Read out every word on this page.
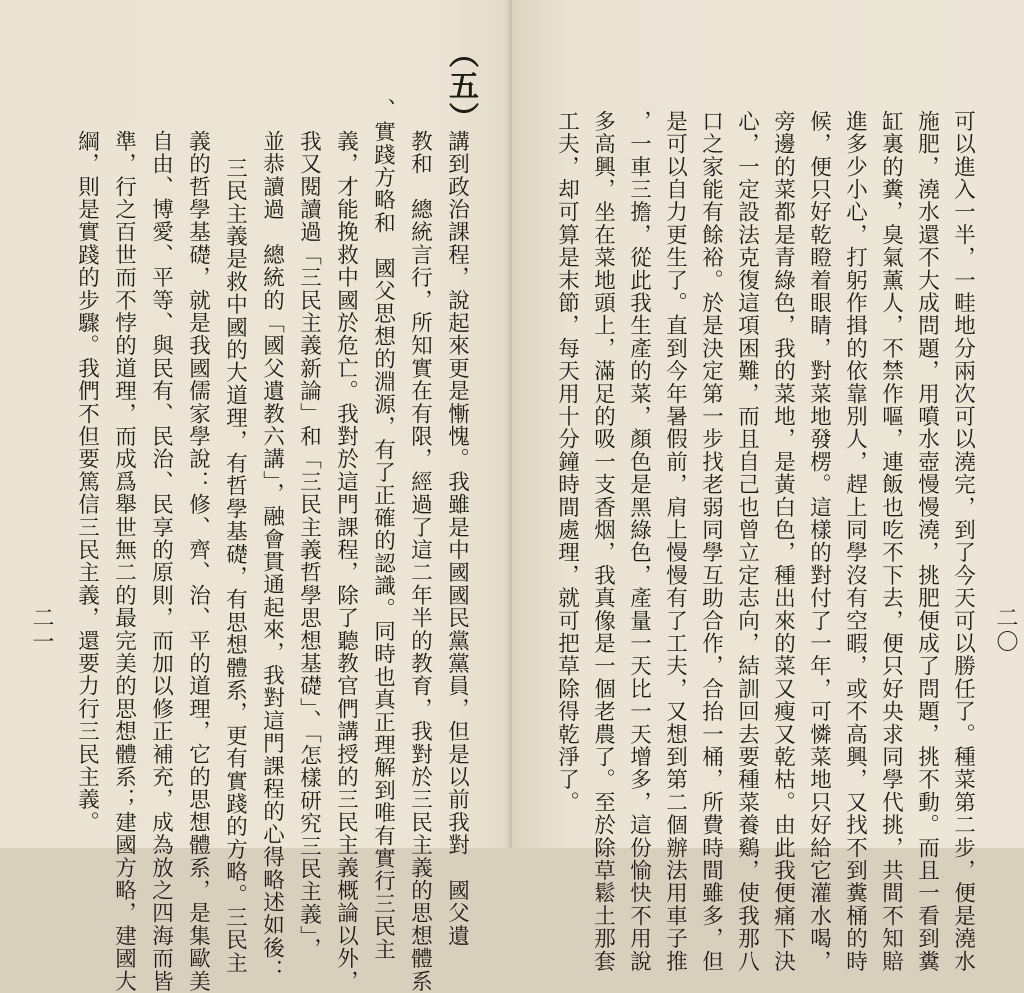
講到政治課程，說起來更是慚愧。我雖是中國國民黨黨員，但是以前我對　國父遺
教和　總統言行，所知實在有限，經過了這二年半的教育，我對於三民主義的思想體系
、實踐方略和　國父思想的淵源，有了正確的認識。同時也真正理解到唯有實行三民主
義，才能挽救中國於危亡。我對於這門課程，除了聽教官們講授的三民主義概論以外，
我又閱讀過「三民主義新論」和「三民主義哲學思想基礎」、「怎樣研究三民主義」，
並恭讀過　總統的「國父遺教六講」，融會貫通起來，我對這門課程的心得略述如後：
三民主義是救中國的大道理，有哲學基礎，有思想體系，更有實踐的方略。三民主
義的哲學基礎，就是我國儒家學說：修、齊、治、平的道理，它的思想體系，是集歐美
自由、博愛、平等、與民有、民治、民享的原則，而加以修正補充，成為放之四海而皆
準，行之百世而不悖的道理，而成爲舉世無二的最完美的思想體系；建國方略，建國大
綱，則是實踐的步驟。我們不但要篤信三民主義，還要力行三民主義。
（五）
二一	可以進入一半，一畦地分兩次可以澆完，到了今天可以勝任了。種菜第二步，便是澆水
施肥，澆水還不大成問題，用噴水壺慢慢澆，挑肥便成了問題，挑不動。而且一看到糞
缸裏的糞，臭氣薰人，不禁作嘔，連飯也吃不下去，便只好央求同學代挑，共間不知賠
進多少小心，打躬作揖的依靠別人，趕上同學沒有空暇，或不高興，又找不到糞桶的時
候，便只好乾瞪着眼睛，對菜地發楞。這樣的對付了一年，可憐菜地只好給它灌水喝，
旁邊的菜都是青綠色，我的菜地，是黃白色，種出來的菜又瘦又乾枯。由此我便痛下決
心，一定設法克復這項困難，而且自己也曾立定志向，結訓回去要種菜養鷄，使我那八
口之家能有餘裕。於是決定第一步找老弱同學互助合作，合抬一桶，所費時間雖多，但
是可以自力更生了。直到今年暑假前，肩上慢慢有了工夫，又想到第二個辦法用車子推
，一車三擔，從此我生產的菜，顏色是黑綠色，產量一天比一天增多，這份愉快不用說
多高興，坐在菜地頭上，滿足的吸一支香烟，我真像是一個老農了。至於除草鬆土那套
工夫，却可算是末節，每天用十分鐘時間處理，就可把草除得乾淨了。	二〇
